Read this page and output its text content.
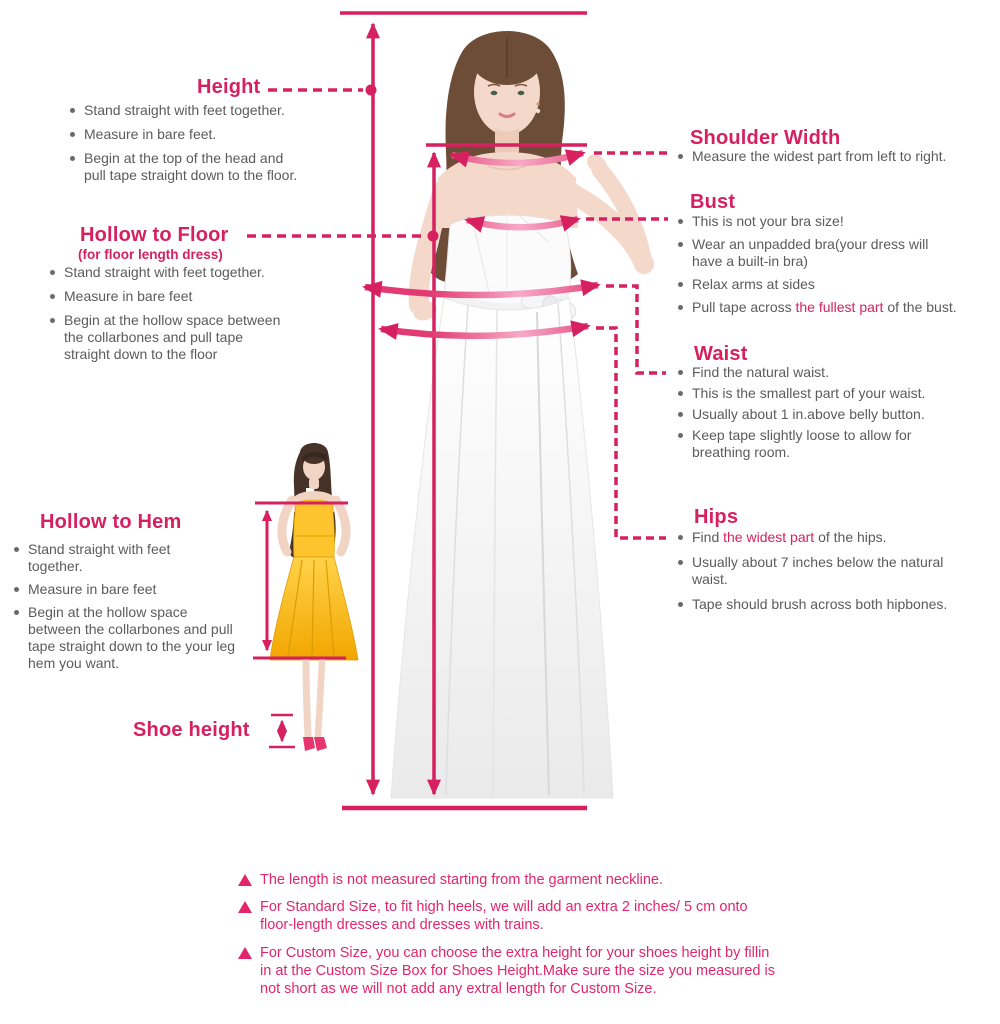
Height
Stand straight with feet together.
Measure in bare feet.
Begin at the top of the head and
pull tape straight down to the floor.
Hollow to Floor
(for floor length dress)
Stand straight with feet together.
Measure in bare feet
Begin at the hollow space between
the collarbones and pull tape
straight down to the floor
Hollow to Hem
Stand straight with feet
together.
Measure in bare feet
Begin at the hollow space
between the collarbones and pull
tape straight down to the your leg
hem you want.
Shoe height
Shoulder Width
Measure the widest part from left to right.
Bust
This is not your bra size!
Wear an unpadded bra(your dress will
have a built-in bra)
Relax arms at sides
Pull tape across the fullest part of the bust.
Waist
Find the natural waist.
This is the smallest part of your waist.
Usually about 1 in.above belly button.
Keep tape slightly loose to allow for
breathing room.
Hips
Find the widest part of the hips.
Usually about 7 inches below the natural
waist.
Tape should brush across both hipbones.
The length is not measured starting from the garment neckline.
For Standard Size, to fit high heels, we will add an extra 2 inches/ 5 cm onto
floor-length dresses and dresses with trains.
For Custom Size, you can choose the extra height for your shoes height by fillin
in at the Custom Size Box for Shoes Height.Make sure the size you measured is
not short as we will not add any extral length for Custom Size.
